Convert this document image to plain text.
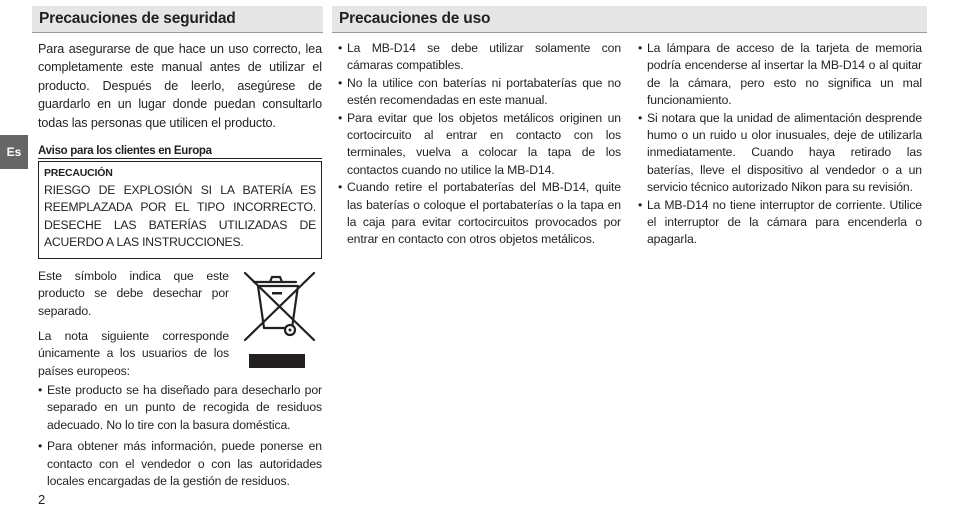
Precauciones de seguridad	Precauciones de uso
Es
Para asegurarse de que hace un uso correcto, lea completamente este manual antes de utilizar el producto. Después de leerlo, asegúrese de guardarlo en un lugar donde puedan consultarlo todas las personas que utilicen el producto.
Aviso para los clientes en Europa
PRECAUCIÓN
RIESGO DE EXPLOSIÓN SI LA BATERÍA ES REEMPLAZADA POR EL TIPO INCORRECTO. DESECHE LAS BATERÍAS UTILIZADAS DE ACUERDO A LAS INSTRUCCIONES.
Este símbolo indica que este producto se debe desechar por separado.
La nota siguiente corresponde únicamente a los usuarios de los países europeos:
• Este producto se ha diseñado para desecharlo por separado en un punto de recogida de residuos adecuado. No lo tire con la basura doméstica.
• Para obtener más información, puede ponerse en contacto con el vendedor o con las autoridades locales encargadas de la gestión de residuos.
• La MB-D14 se debe utilizar solamente con cámaras compatibles.
• No la utilice con baterías ni portabaterías que no estén recomendadas en este manual.
• Para evitar que los objetos metálicos originen un cortocircuito al entrar en contacto con los terminales, vuelva a colocar la tapa de los contactos cuando no utilice la MB-D14.
• Cuando retire el portabaterías del MB-D14, quite las baterías o coloque el portabaterías o la tapa en la caja para evitar cortocircuitos provocados por entrar en contacto con otros objetos metálicos.
• La lámpara de acceso de la tarjeta de memoria podría encenderse al insertar la MB-D14 o al quitar de la cámara, pero esto no significa un mal funcionamiento.
• Si notara que la unidad de alimentación desprende humo o un ruido u olor inusuales, deje de utilizarla inmediatamente. Cuando haya retirado las baterías, lleve el dispositivo al vendedor o a un servicio técnico autorizado Nikon para su revisión.
• La MB-D14 no tiene interruptor de corriente. Utilice el interruptor de la cámara para encenderla o apagarla.
2
